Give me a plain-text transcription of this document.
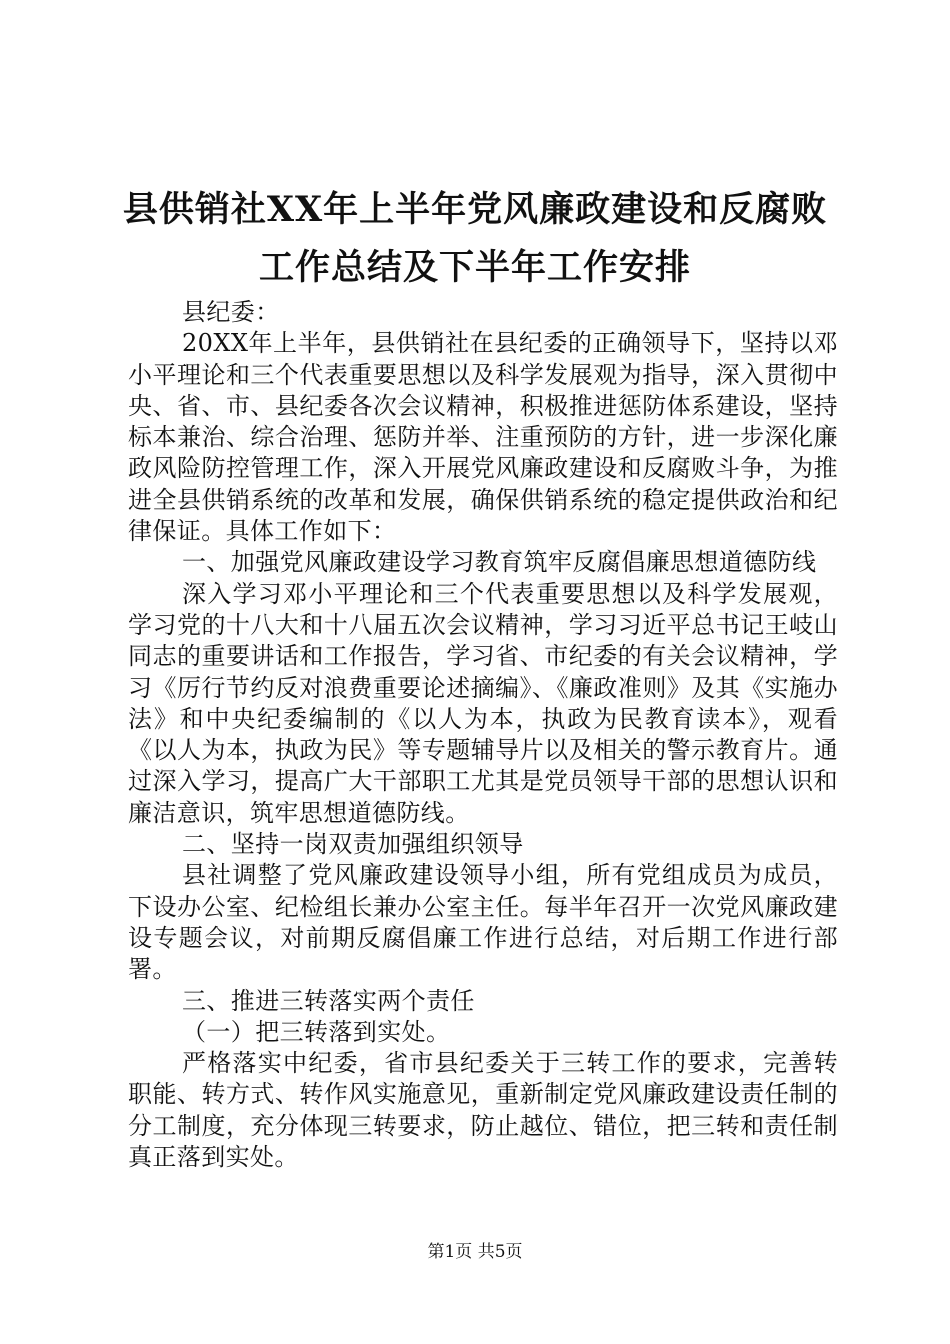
县供销社XX年上半年党风廉政建设和反腐败
工作总结及下半年工作安排

县纪委：

20XX年上半年，县供销社在县纪委的正确领导下，坚持以邓小平理论和三个代表重要思想以及科学发展观为指导，深入贯彻中央、省、市、县纪委各次会议精神，积极推进惩防体系建设，坚持标本兼治、综合治理、惩防并举、注重预防的方针，进一步深化廉政风险防控管理工作，深入开展党风廉政建设和反腐败斗争，为推进全县供销系统的改革和发展，确保供销系统的稳定提供政治和纪律保证。具体工作如下：

一、加强党风廉政建设学习教育筑牢反腐倡廉思想道德防线

深入学习邓小平理论和三个代表重要思想以及科学发展观，学习党的十八大和十八届五次会议精神，学习习近平总书记王岐山同志的重要讲话和工作报告，学习省、市纪委的有关会议精神，学习《厉行节约反对浪费重要论述摘编》、《廉政准则》及其《实施办法》和中央纪委编制的《以人为本，执政为民教育读本》，观看《以人为本，执政为民》等专题辅导片以及相关的警示教育片。通过深入学习，提高广大干部职工尤其是党员领导干部的思想认识和廉洁意识，筑牢思想道德防线。

二、坚持一岗双责加强组织领导

县社调整了党风廉政建设领导小组，所有党组成员为成员，下设办公室、纪检组长兼办公室主任。每半年召开一次党风廉政建设专题会议，对前期反腐倡廉工作进行总结，对后期工作进行部署。

三、推进三转落实两个责任

（一）把三转落到实处。

严格落实中纪委，省市县纪委关于三转工作的要求，完善转职能、转方式、转作风实施意见，重新制定党风廉政建设责任制的分工制度，充分体现三转要求，防止越位、错位，把三转和责任制真正落到实处。

第1页 共5页
